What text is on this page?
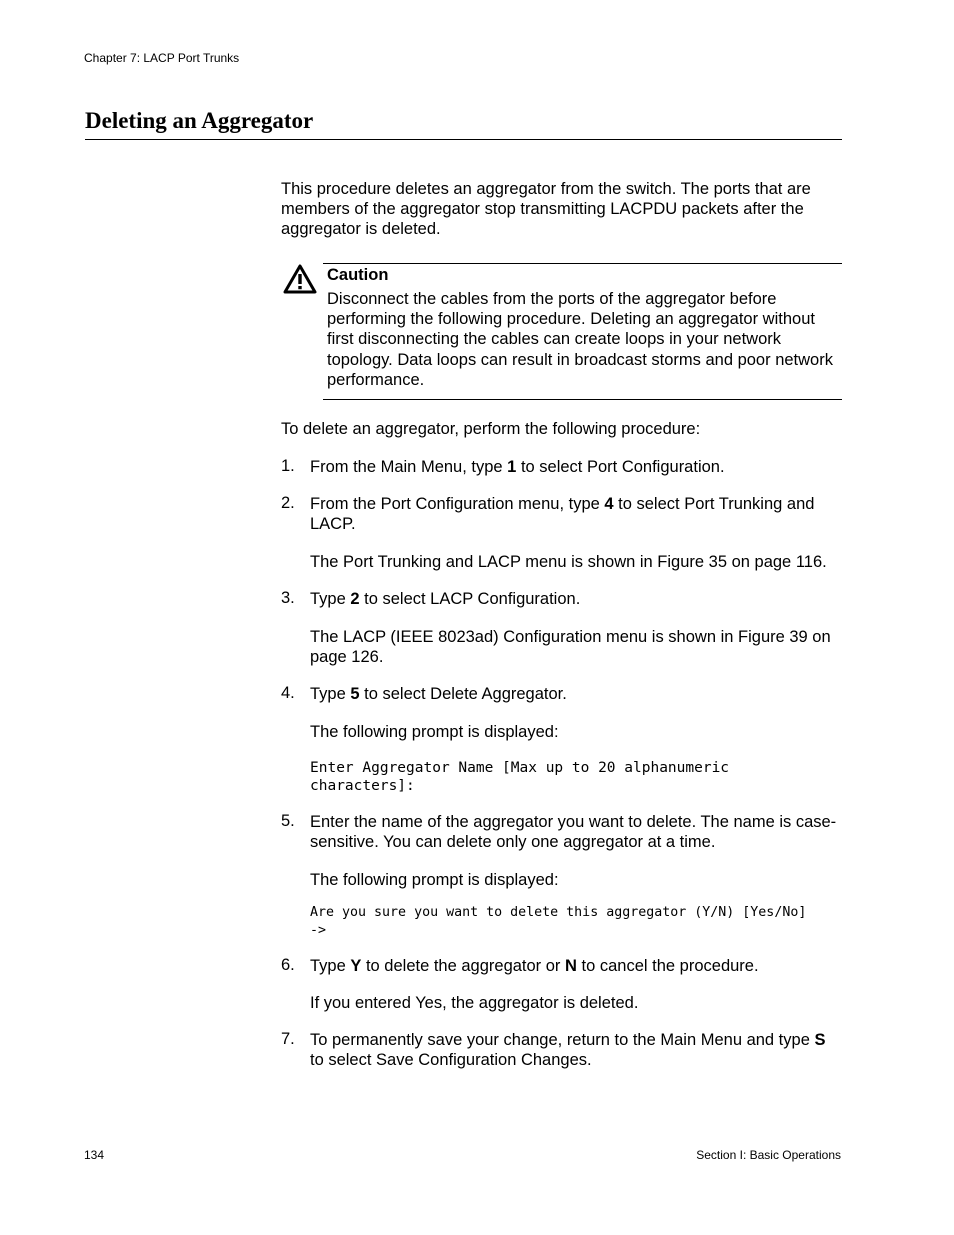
Chapter 7: LACP Port Trunks
Deleting an Aggregator
This procedure deletes an aggregator from the switch. The ports that are members of the aggregator stop transmitting LACPDU packets after the aggregator is deleted.
Caution
Disconnect the cables from the ports of the aggregator before performing the following procedure. Deleting an aggregator without first disconnecting the cables can create loops in your network topology. Data loops can result in broadcast storms and poor network performance.
To delete an aggregator, perform the following procedure:
1. From the Main Menu, type 1 to select Port Configuration.
2. From the Port Configuration menu, type 4 to select Port Trunking and LACP.
The Port Trunking and LACP menu is shown in Figure 35 on page 116.
3. Type 2 to select LACP Configuration.
The LACP (IEEE 8023ad) Configuration menu is shown in Figure 39 on page 126.
4. Type 5 to select Delete Aggregator.
The following prompt is displayed:
Enter Aggregator Name [Max up to 20 alphanumeric
characters]:
5. Enter the name of the aggregator you want to delete. The name is case-sensitive. You can delete only one aggregator at a time.
The following prompt is displayed:
Are you sure you want to delete this aggregator (Y/N) [Yes/No]
->
6. Type Y to delete the aggregator or N to cancel the procedure.
If you entered Yes, the aggregator is deleted.
7. To permanently save your change, return to the Main Menu and type S to select Save Configuration Changes.
134	Section I: Basic Operations
